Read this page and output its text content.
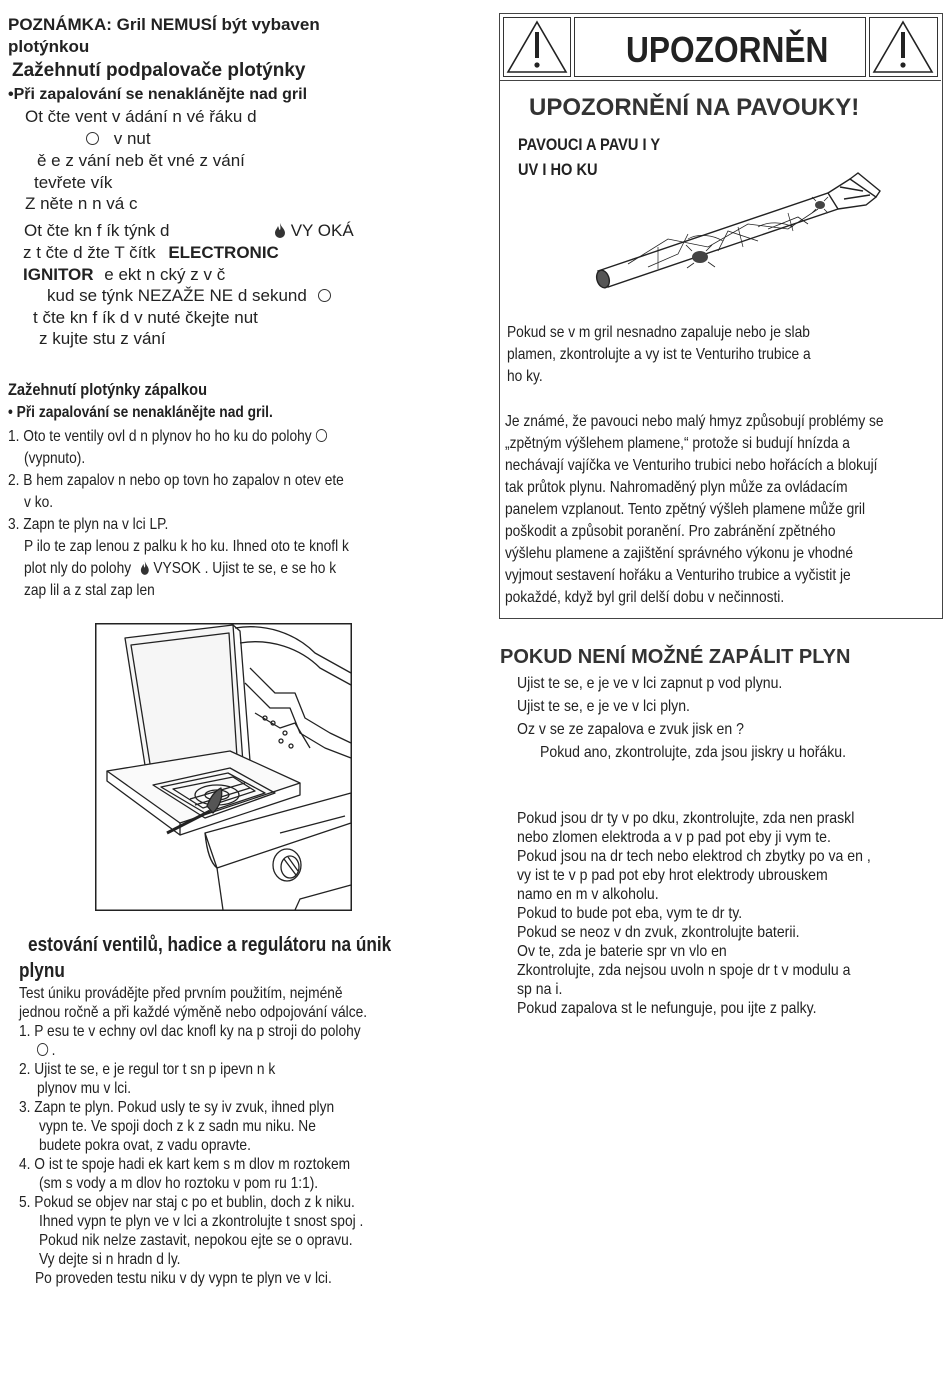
POZNÁMKA: Gril NEMUSÍ být vybaven
plotýnkou
Zažehnutí podpalovače plotýnky
•Při zapalování se nenaklánějte nad gril
Ot čte vent v ádání n vé řáku d
v nut
ě e z vání neb ět vné z vání
tevřete vík
Z něte n n vá c
Ot čte kn f ík týnk d	VY OKÁ
z t čte d žte T čítk ELECTRONIC
IGNITOR e ekt n cký z v č
kud se týnk NEZAŽE NE d sekund
t čte kn f ík d v nuté čkejte nut
z kujte stu z vání
Zažehnutí plotýnky zápalkou
• Při zapalování se nenaklánějte nad gril.
1. Oto te ventily ovl d n plynov ho ho ku do polohy
(vypnuto).
2. B hem zapalov n nebo op tovn ho zapalov n otev ete
v ko.
3. Zapn te plyn na v lci LP.
P ilo te zap lenou z palku k ho ku. Ihned oto te knofl k
plot nly do polohy VYSOK . Ujist te se, e se ho k
zap lil a z stal zap len
estování ventilů, hadice a regulátoru na únik
plynu
Test úniku provádějte před prvním použitím, nejméně
jednou ročně a při každé výměně nebo odpojování válce.
1. P esu te v echny ovl dac knofl ky na p stroji do polohy
.
2. Ujist te se, e je regul tor t sn p ipevn n k
plynov mu v lci.
3. Zapn te plyn. Pokud usly te sy iv zvuk, ihned plyn
vypn te. Ve spoji doch z k z sadn mu niku. Ne
budete pokra ovat, z vadu opravte.
4. O ist te spoje hadi ek kart kem s m dlov m roztokem
(sm s vody a m dlov ho roztoku v pom ru 1:1).
5. Pokud se objev nar staj c po et bublin, doch z k niku.
Ihned vypn te plyn ve v lci a zkontrolujte t snost spoj .
Pokud nik nelze zastavit, nepokou ejte se o opravu.
Vy dejte si n hradn d ly.
Po proveden testu niku v dy vypn te plyn ve v lci.
UPOZORNĚN
UPOZORNĚNÍ NA PAVOUKY!
PAVOUCI A PAVU I Y
UV I HO KU
Pokud se v m gril nesnadno zapaluje nebo je slab
plamen, zkontrolujte a vy ist te Venturiho trubice a
ho ky.
Je známé, že pavouci nebo malý hmyz způsobují problémy se
„zpětným výšlehem plamene,“ protože si budují hnízda a
nechávají vajíčka ve Venturiho trubici nebo hořácích a blokují
tak průtok plynu. Nahromaděný plyn může za ovládacím
panelem vzplanout. Tento zpětný výšleh plamene může gril
poškodit a způsobit poranění. Pro zabránění zpětného
výšlehu plamene a zajištění správného výkonu je vhodné
vyjmout sestavení hořáku a Venturiho trubice a vyčistit je
pokaždé, když byl gril delší dobu v nečinnosti.
POKUD NENÍ MOŽNÉ ZAPÁLIT PLYN
Ujist te se, e je ve v lci zapnut p vod plynu.
Ujist te se, e je ve v lci plyn.
Oz v se ze zapalova e zvuk jisk en ?
Pokud ano, zkontrolujte, zda jsou jiskry u hořáku.
Pokud jsou dr ty v po dku, zkontrolujte, zda nen praskl
nebo zlomen elektroda a v p pad pot eby ji vym te.
Pokud jsou na dr tech nebo elektrod ch zbytky po va en ,
vy ist te v p pad pot eby hrot elektrody ubrouskem
namo en m v alkoholu.
Pokud to bude pot eba, vym te dr ty.
Pokud se neoz v dn zvuk, zkontrolujte baterii.
Ov te, zda je baterie spr vn vlo en
Zkontrolujte, zda nejsou uvoln n spoje dr t v modulu a
sp na i.
Pokud zapalova st le nefunguje, pou ijte z palky.
